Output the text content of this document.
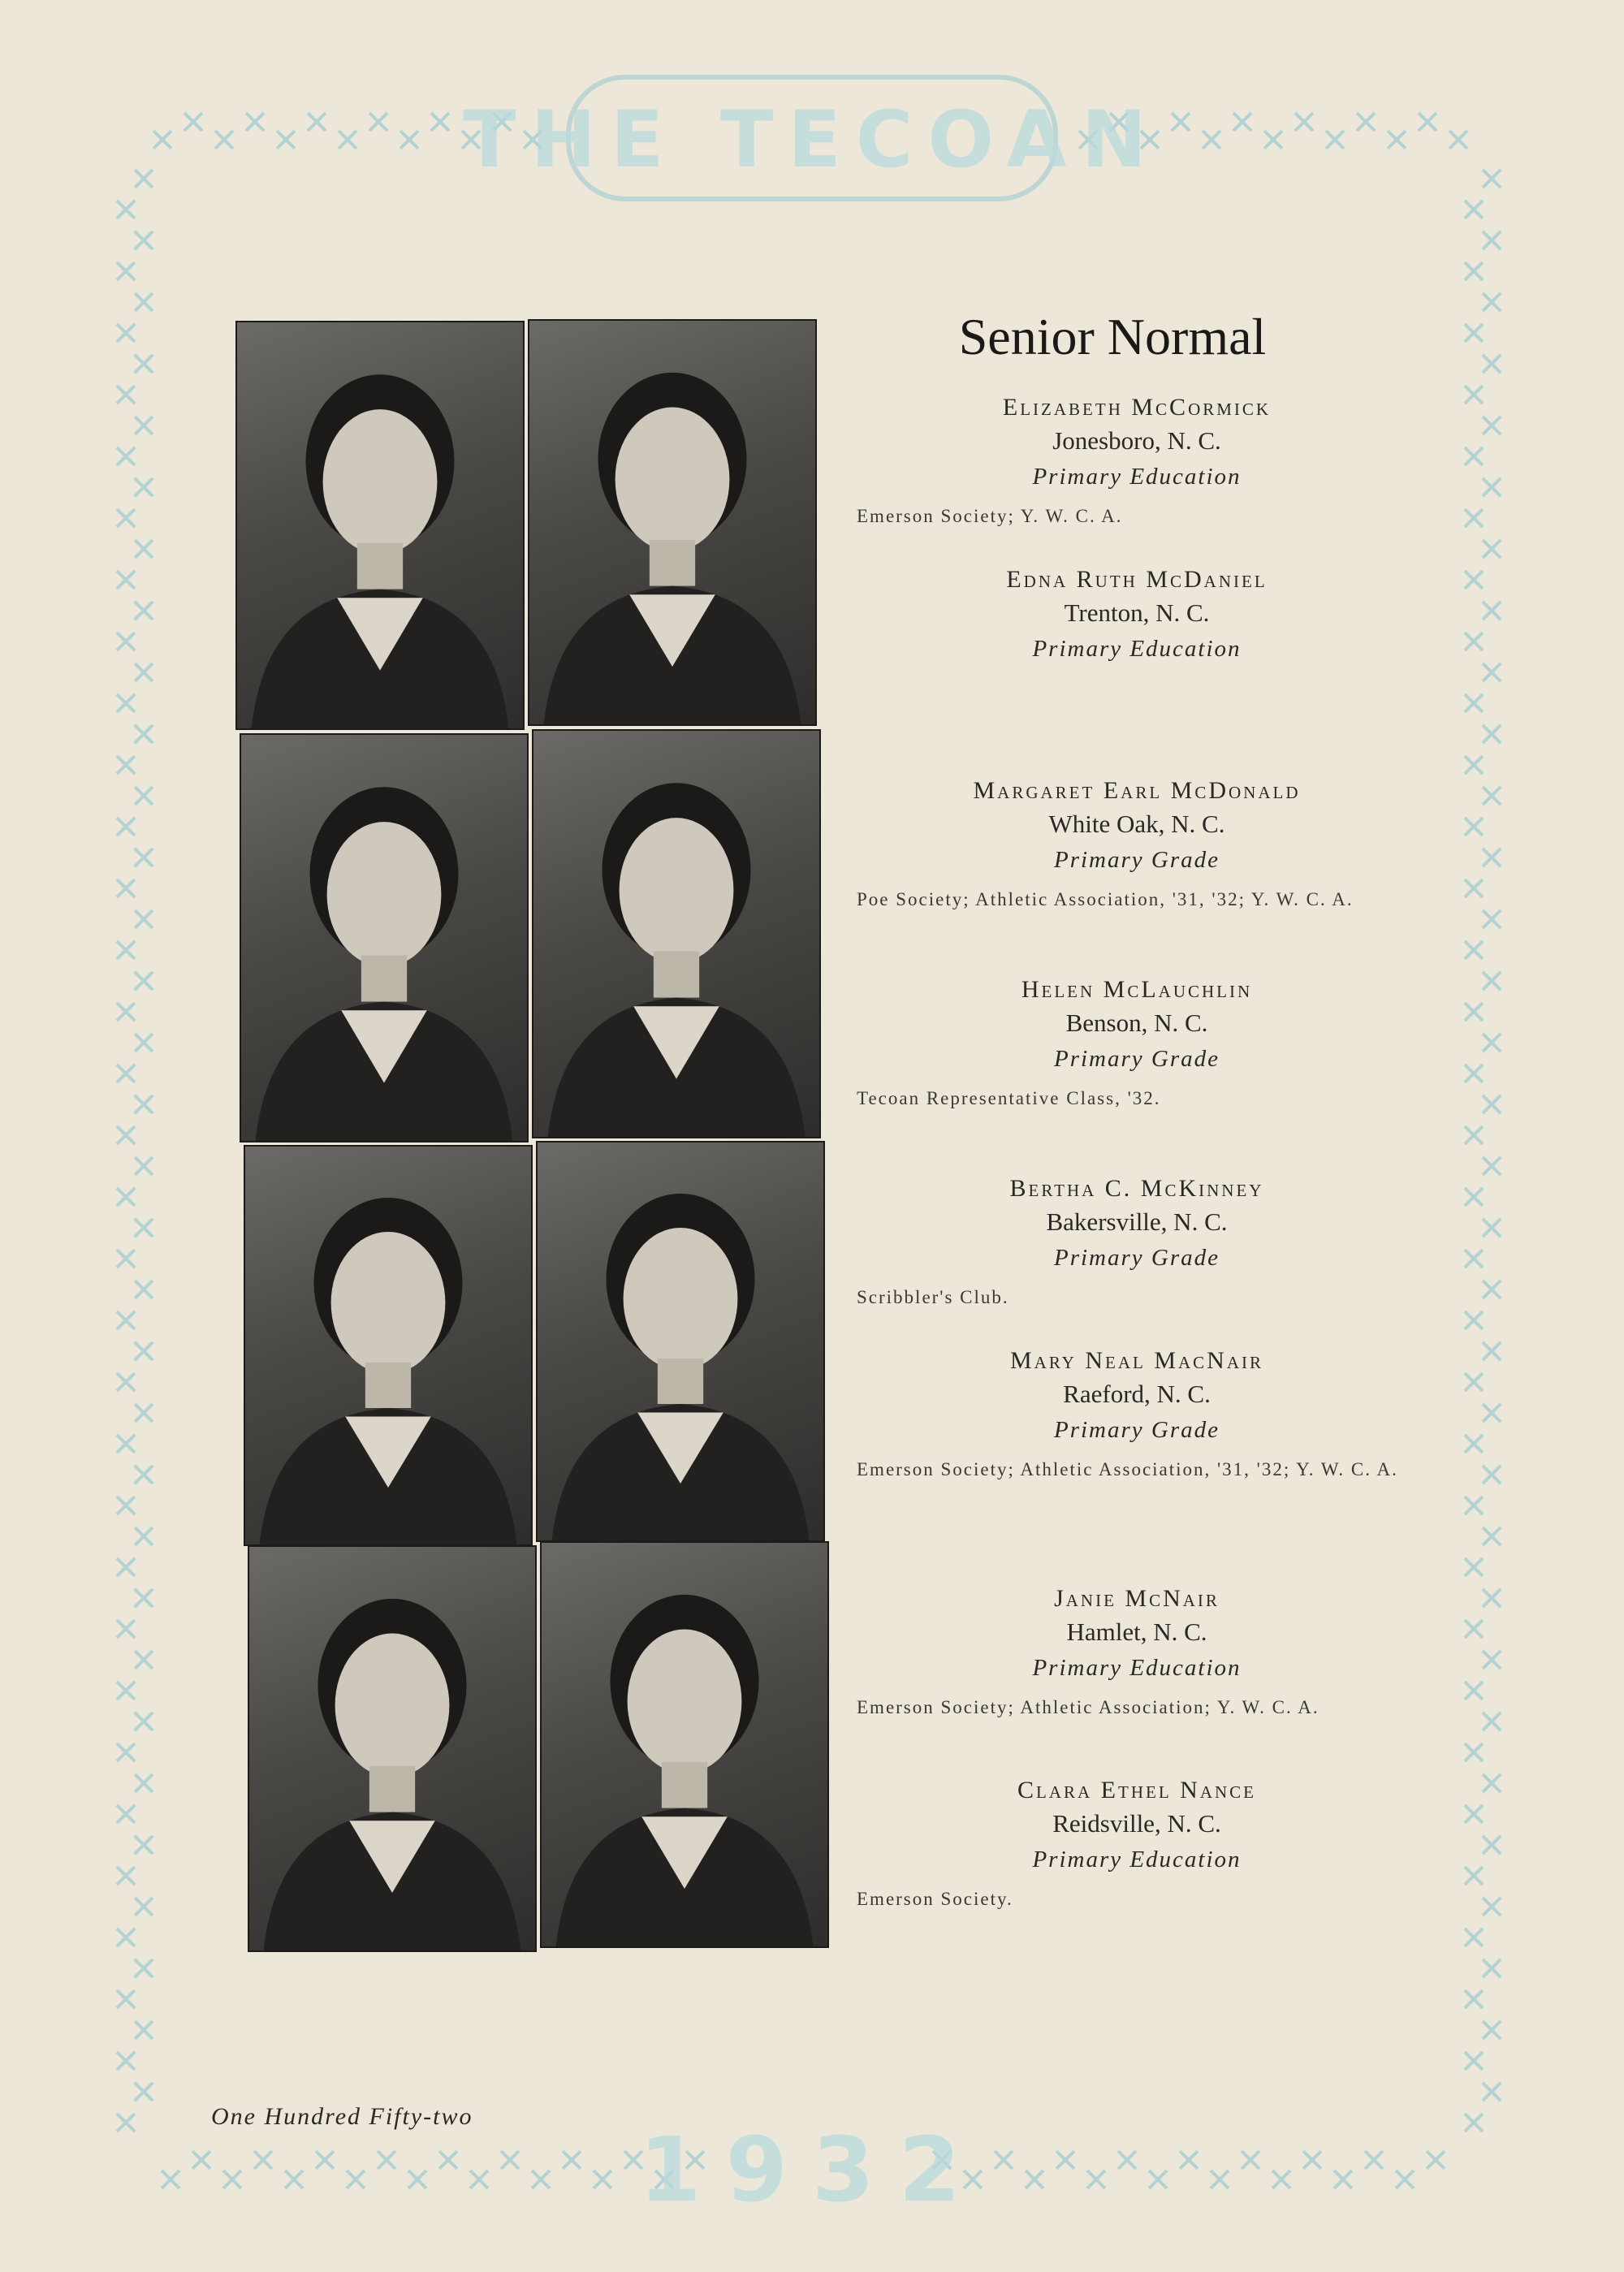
THE TECOAN
1932
Senior Normal
Elizabeth McCormick
Jonesboro, N. C.
Primary Education
Emerson Society; Y. W. C. A.
Edna Ruth McDaniel
Trenton, N. C.
Primary Education
Margaret Earl McDonald
White Oak, N. C.
Primary Grade
Poe Society; Athletic Association, '31, '32; Y. W. C. A.
Helen McLauchlin
Benson, N. C.
Primary Grade
Tecoan Representative Class, '32.
Bertha C. McKinney
Bakersville, N. C.
Primary Grade
Scribbler's Club.
Mary Neal MacNair
Raeford, N. C.
Primary Grade
Emerson Society; Athletic Association, '31, '32; Y. W. C. A.
Janie McNair
Hamlet, N. C.
Primary Education
Emerson Society; Athletic Association; Y. W. C. A.
Clara Ethel Nance
Reidsville, N. C.
Primary Education
Emerson Society.
One Hundred Fifty-two
